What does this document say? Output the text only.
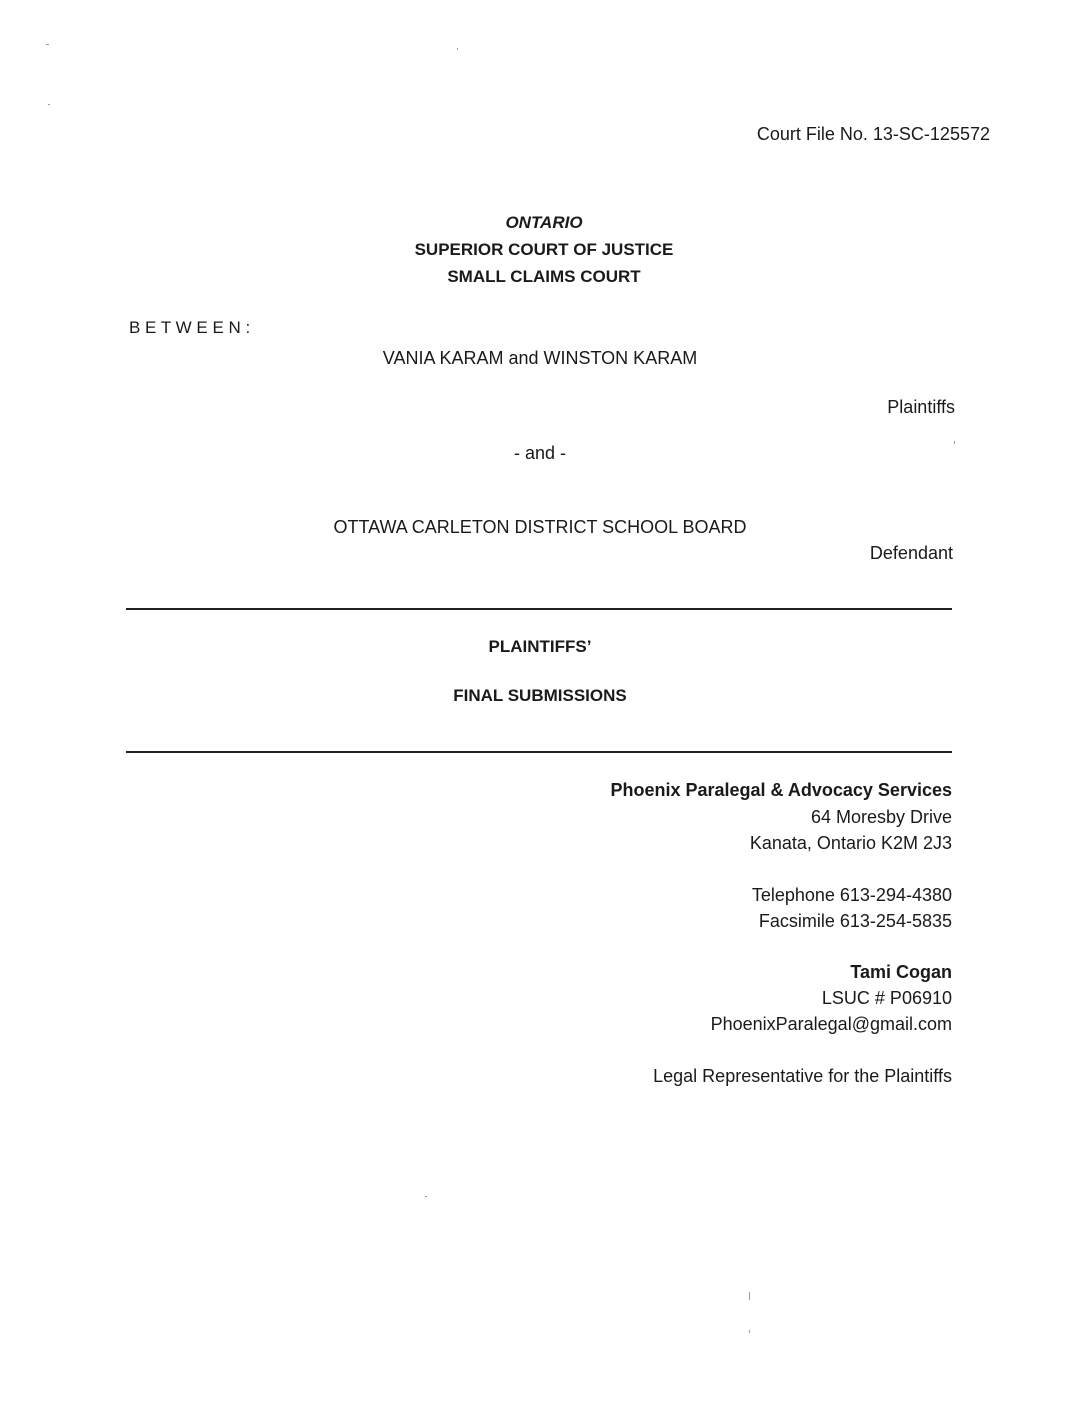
Court File No. 13-SC-125572
ONTARIO
SUPERIOR COURT OF JUSTICE
SMALL CLAIMS COURT
B E T W E E N :
VANIA KARAM and WINSTON KARAM
Plaintiffs
- and -
OTTAWA CARLETON DISTRICT SCHOOL BOARD
Defendant
PLAINTIFFS’
FINAL SUBMISSIONS
Phoenix Paralegal & Advocacy Services
64 Moresby Drive
Kanata, Ontario K2M 2J3
Telephone 613-294-4380
Facsimile 613-254-5835
Tami Cogan
LSUC # P06910
PhoenixParalegal@gmail.com
Legal Representative for the Plaintiffs
